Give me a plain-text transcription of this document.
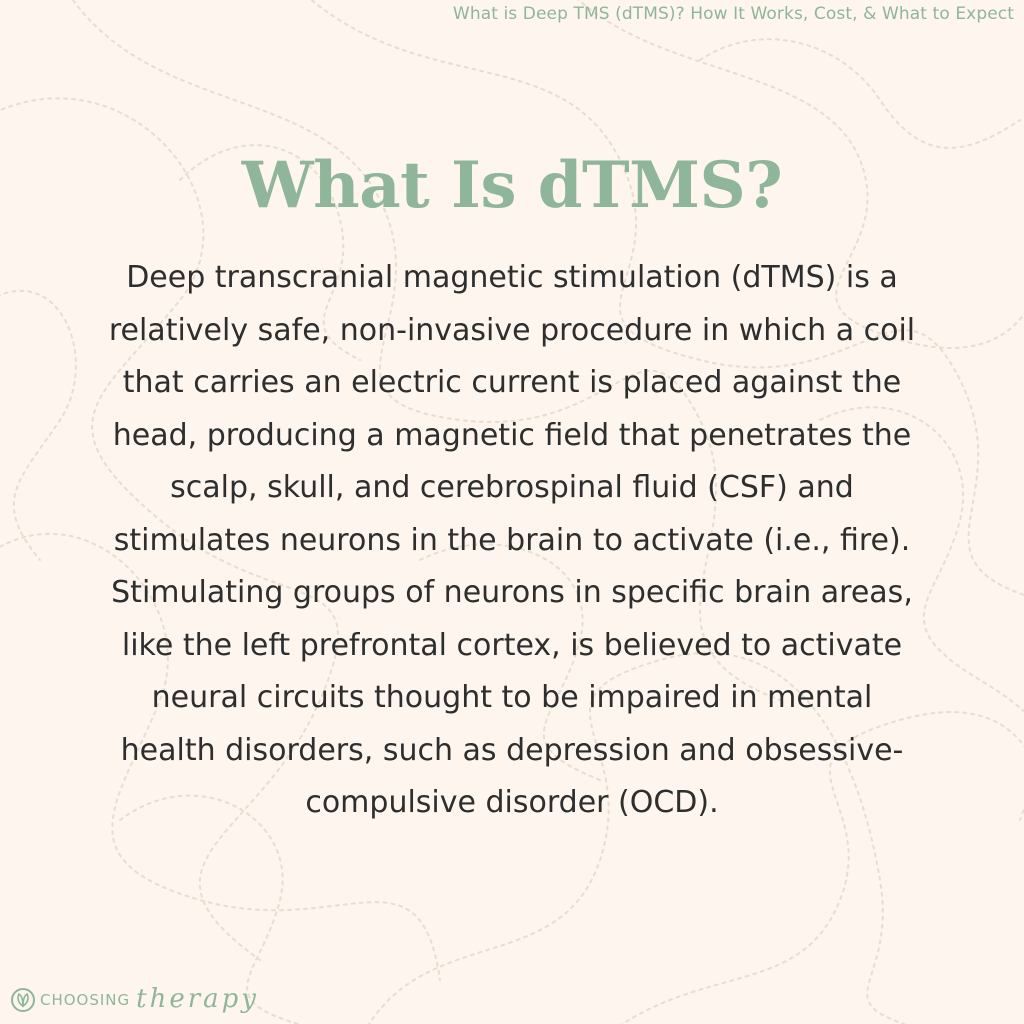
What is Deep TMS (dTMS)? How It Works, Cost, & What to Expect
What Is dTMS?
Deep transcranial magnetic stimulation (dTMS) is a
relatively safe, non-invasive procedure in which a coil
that carries an electric current is placed against the
head, producing a magnetic field that penetrates the
scalp, skull, and cerebrospinal fluid (CSF) and
stimulates neurons in the brain to activate (i.e., fire).
Stimulating groups of neurons in specific brain areas,
like the left prefrontal cortex, is believed to activate
neural circuits thought to be impaired in mental
health disorders, such as depression and obsessive-
compulsive disorder (OCD).
CHOOSING therapy
